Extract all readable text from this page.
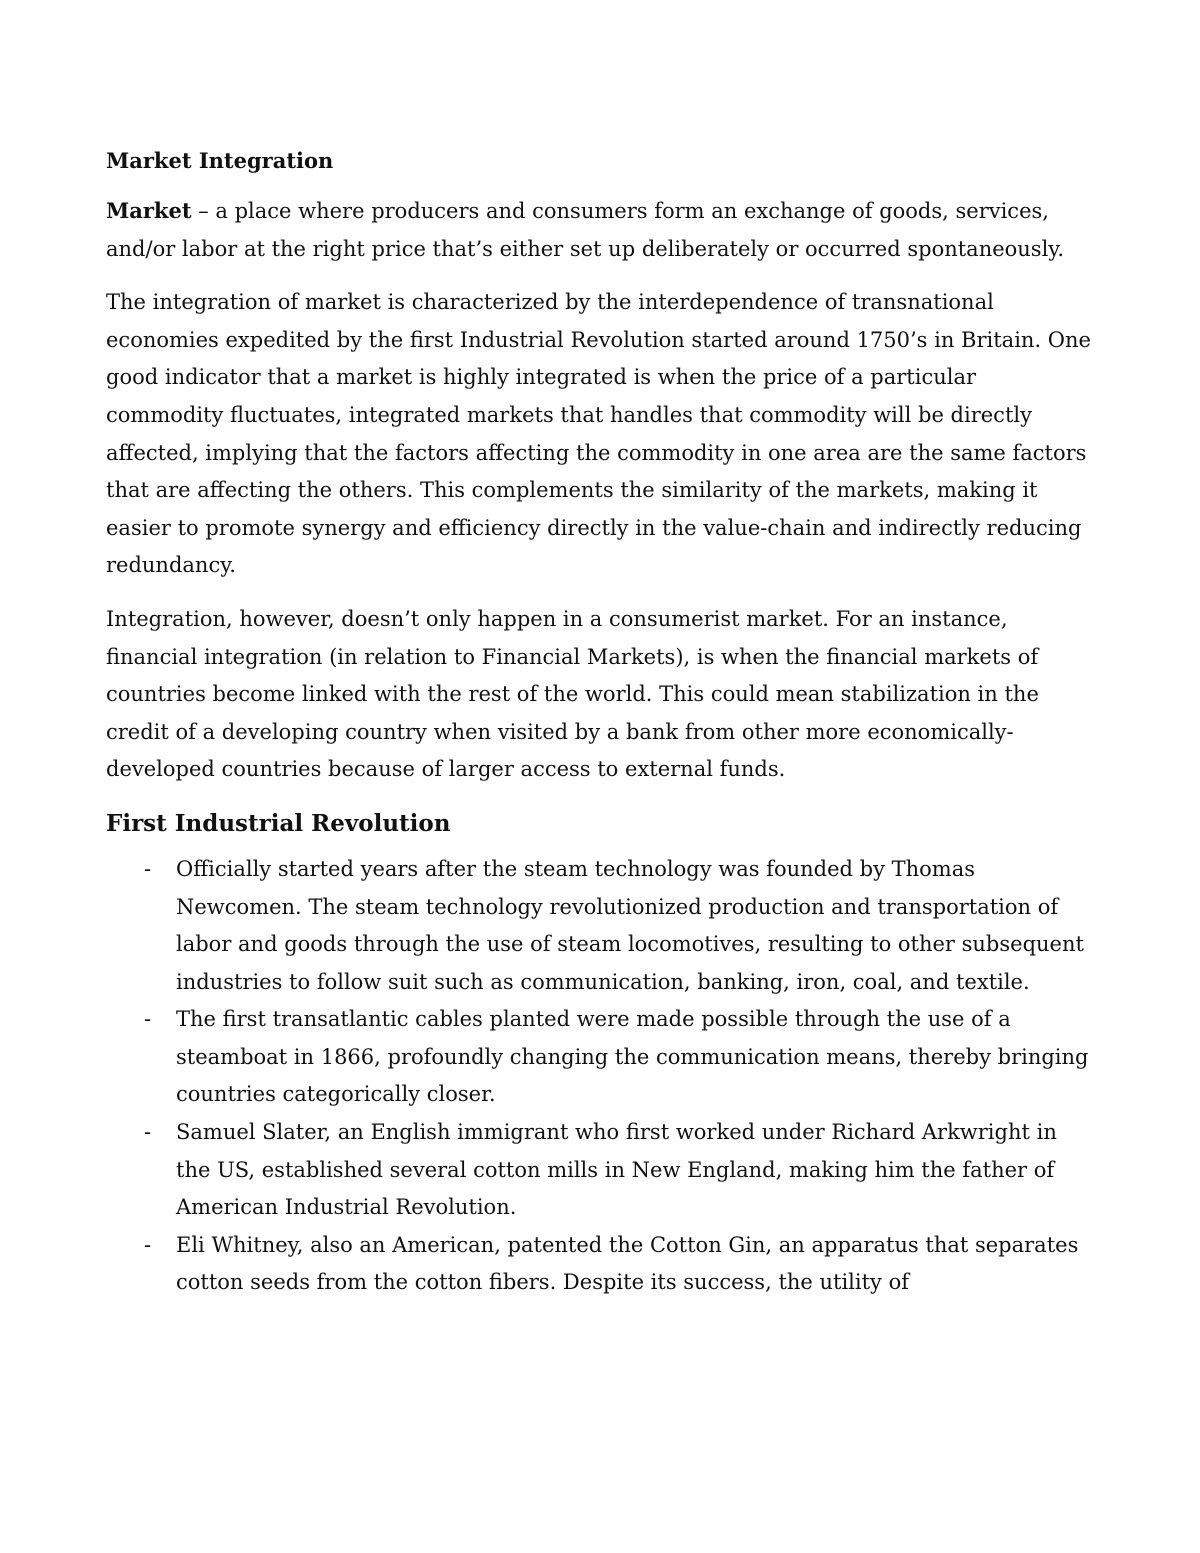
Market Integration

Market – a place where producers and consumers form an exchange of goods, services, and/or labor at the right price that’s either set up deliberately or occurred spontaneously.

The integration of market is characterized by the interdependence of transnational economies expedited by the first Industrial Revolution started around 1750’s in Britain. One good indicator that a market is highly integrated is when the price of a particular commodity fluctuates, integrated markets that handles that commodity will be directly affected, implying that the factors affecting the commodity in one area are the same factors that are affecting the others. This complements the similarity of the markets, making it easier to promote synergy and efficiency directly in the value-chain and indirectly reducing redundancy.

Integration, however, doesn’t only happen in a consumerist market. For an instance, financial integration (in relation to Financial Markets), is when the financial markets of countries become linked with the rest of the world. This could mean stabilization in the credit of a developing country when visited by a bank from other more economically-developed countries because of larger access to external funds.

First Industrial Revolution
- Officially started years after the steam technology was founded by Thomas Newcomen. The steam technology revolutionized production and transportation of labor and goods through the use of steam locomotives, resulting to other subsequent industries to follow suit such as communication, banking, iron, coal, and textile.
- The first transatlantic cables planted were made possible through the use of a steamboat in 1866, profoundly changing the communication means, thereby bringing countries categorically closer.
- Samuel Slater, an English immigrant who first worked under Richard Arkwright in the US, established several cotton mills in New England, making him the father of American Industrial Revolution.
- Eli Whitney, also an American, patented the Cotton Gin, an apparatus that separates cotton seeds from the cotton fibers. Despite its success, the utility of
